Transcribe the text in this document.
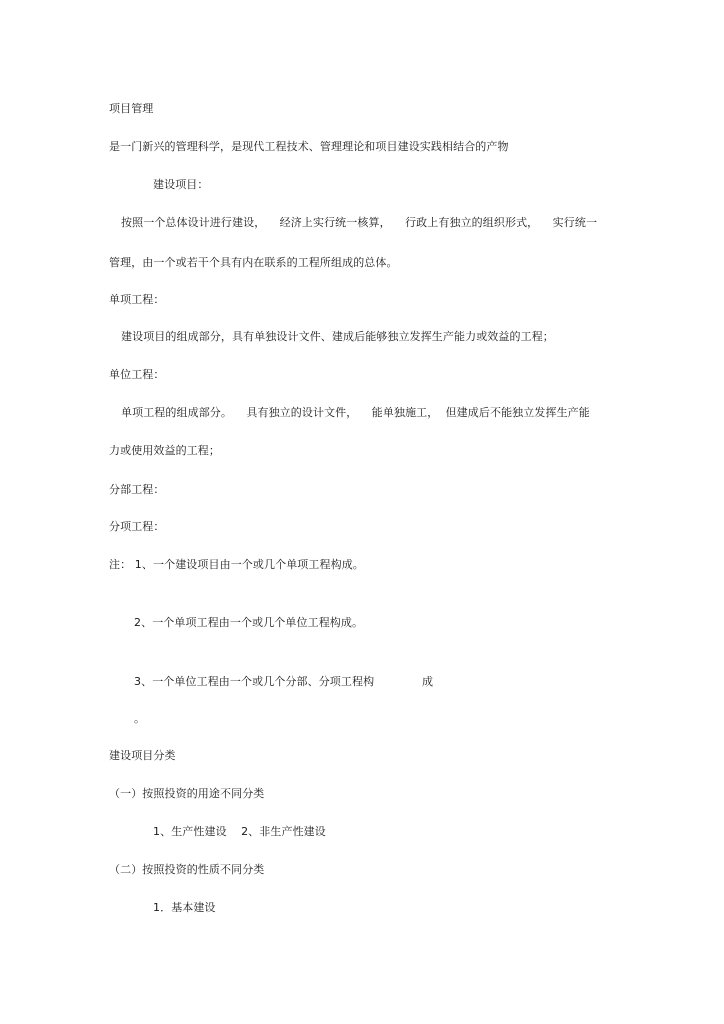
项目管理
是一门新兴的管理科学，是现代工程技术、管理理论和项目建设实践相结合的产物
建设项目：
按照一个总体设计进行建设，    经济上实行统一核算，    行政上有独立的组织形式，    实行统一
管理，由一个或若干个具有内在联系的工程所组成的总体。
单项工程：
建设项目的组成部分，具有单独设计文件、建成后能够独立发挥生产能力或效益的工程；
单位工程：
单项工程的组成部分。    具有独立的设计文件，    能单独施工，  但建成后不能独立发挥生产能
力或使用效益的工程；
分部工程：
分项工程：
注： 1、一个建设项目由一个或几个单项工程构成。
2、一个单项工程由一个或几个单位工程构成。
3、一个单位工程由一个或几个分部、分项工程构	成
。
建设项目分类
（一）按照投资的用途不同分类
1、生产性建设    2、非生产性建设
（二）按照投资的性质不同分类
1．基本建设
